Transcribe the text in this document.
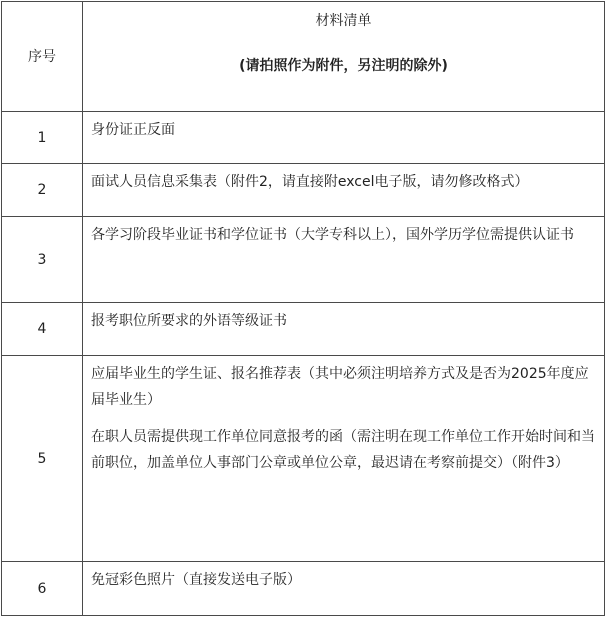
序号	材料清单

(请拍照作为附件，另注明的除外)

1	身份证正反面

2	面试人员信息采集表（附件2，请直接附excel电子版，请勿修改格式）

3	各学习阶段毕业证书和学位证书（大学专科以上），国外学历学位需提供认证书

4	报考职位所要求的外语等级证书

5	应届毕业生的学生证、报名推荐表（其中必须注明培养方式及是否为2025年度应届毕业生）

在职人员需提供现工作单位同意报考的函（需注明在现工作单位工作开始时间和当前职位，加盖单位人事部门公章或单位公章，最迟请在考察前提交）（附件3）

6	免冠彩色照片（直接发送电子版）
